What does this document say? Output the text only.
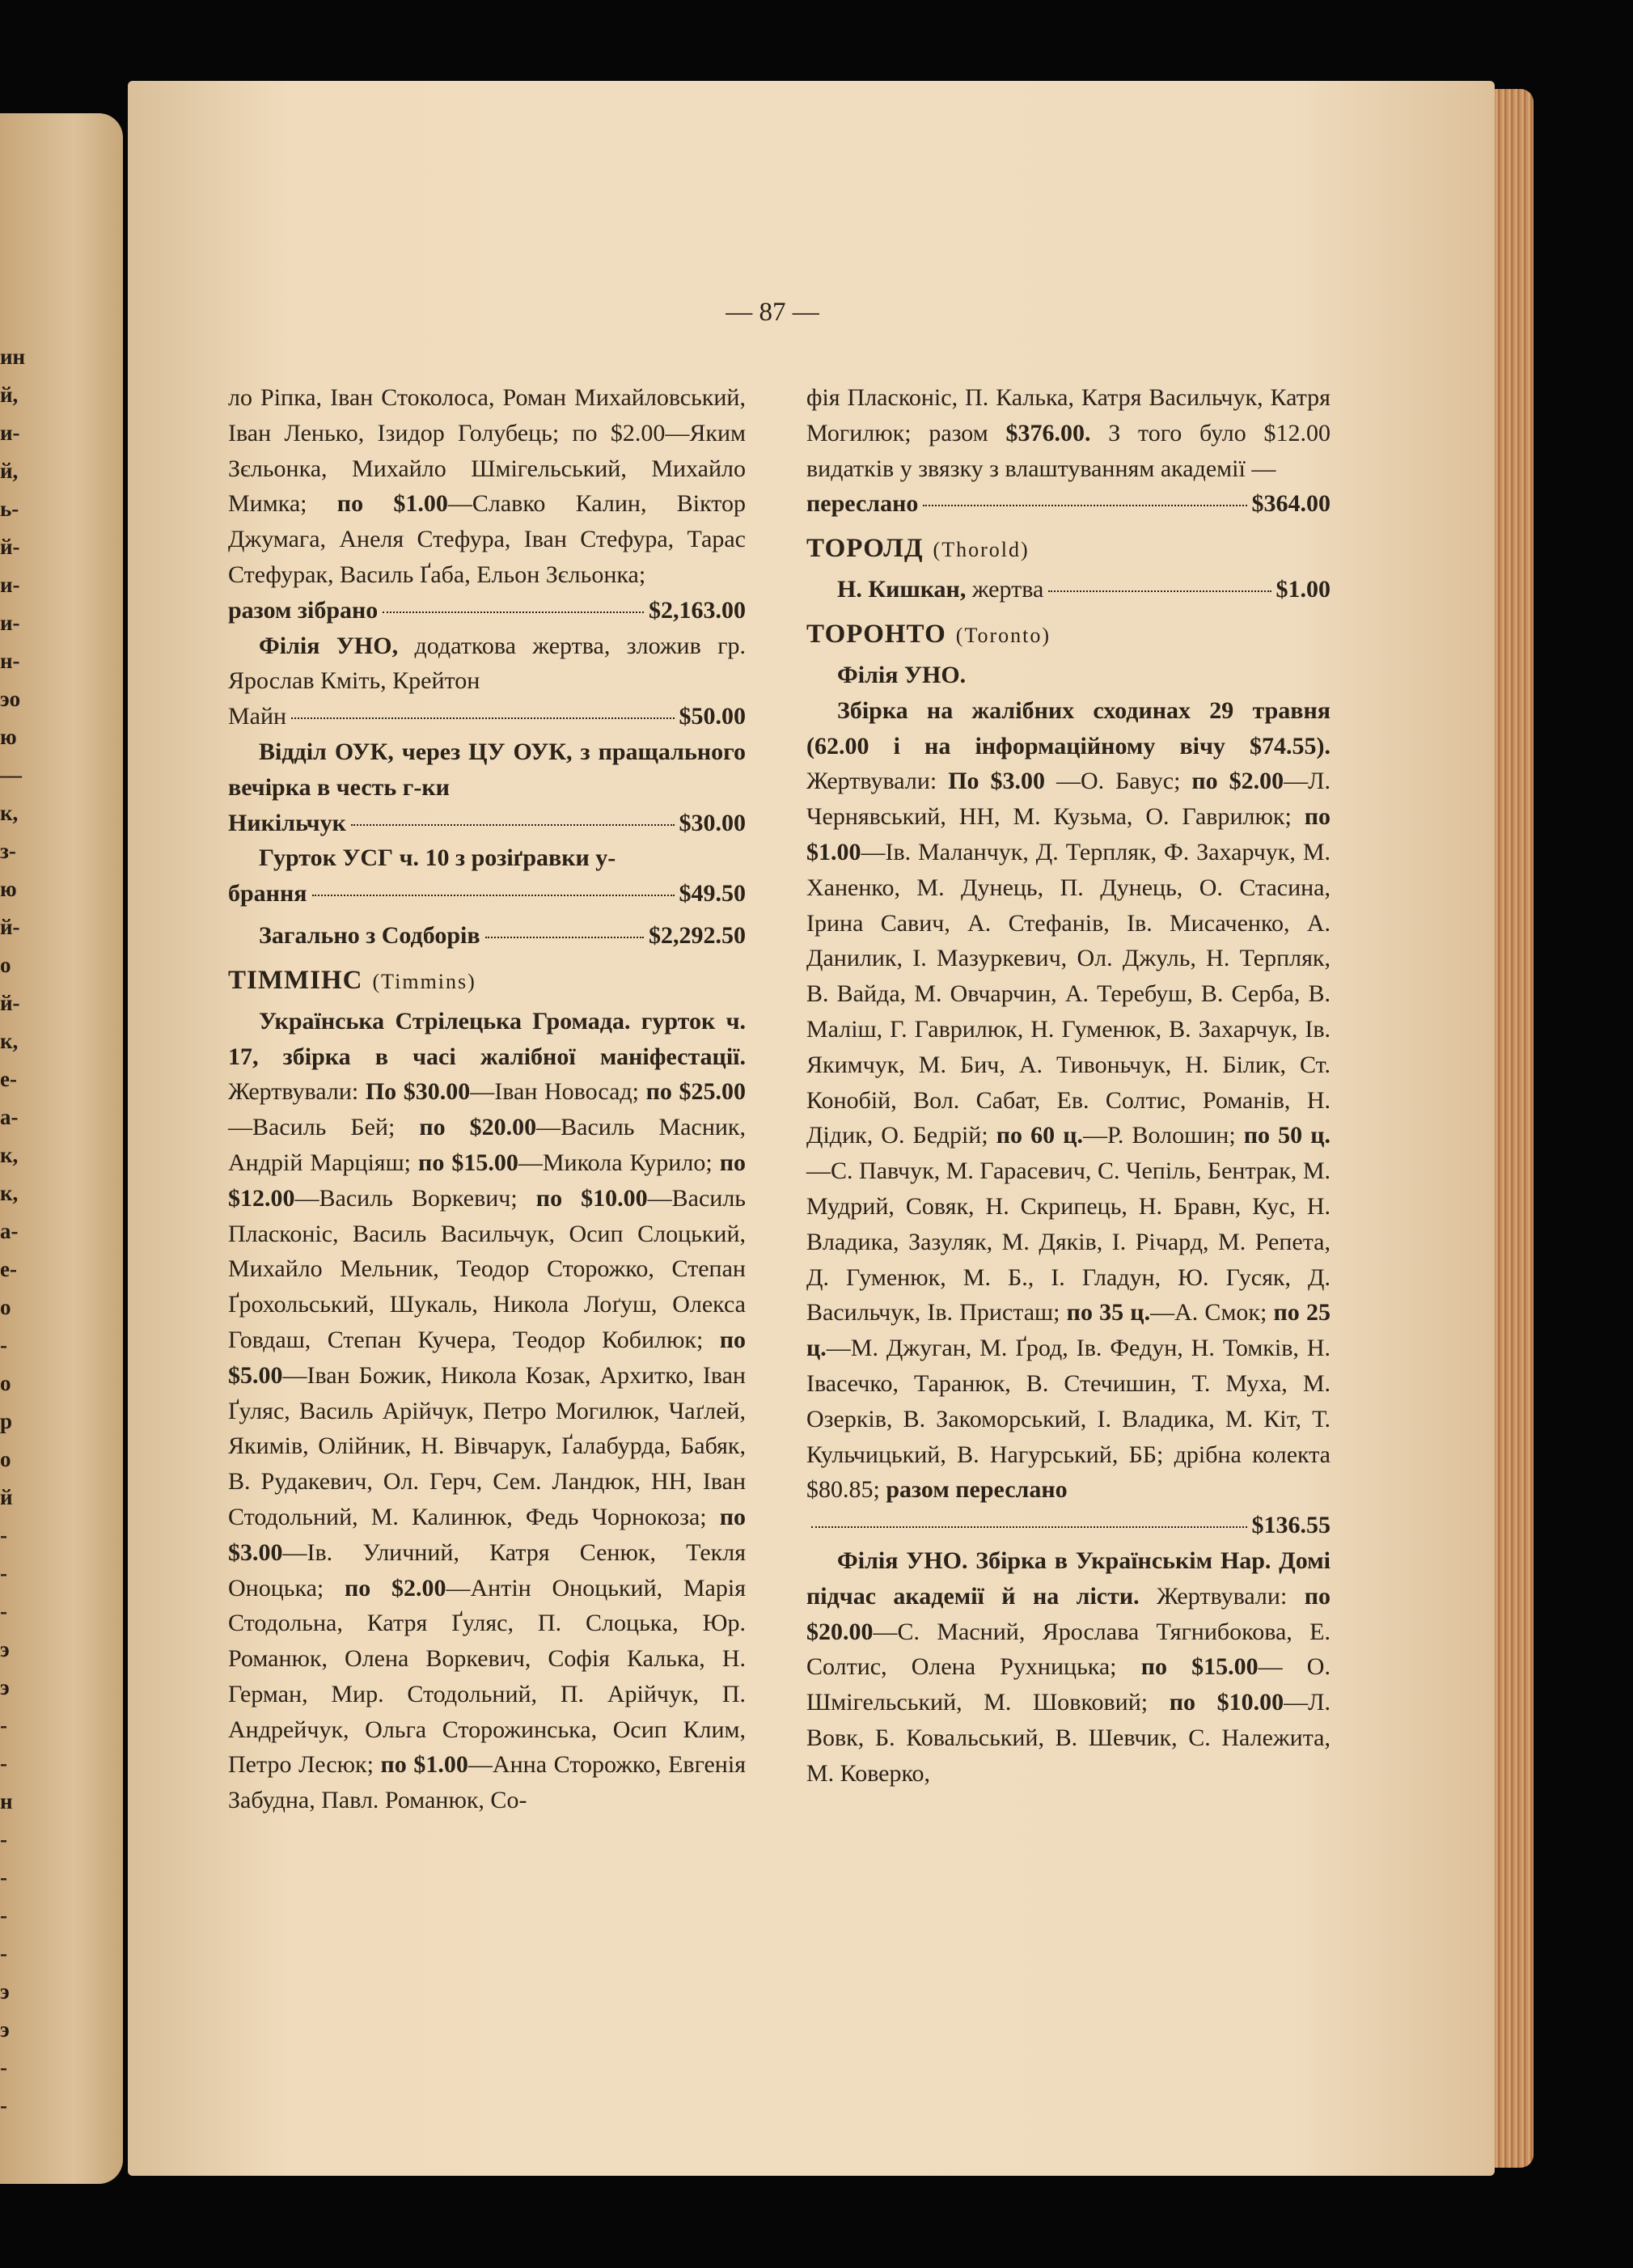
ин
й,
и-
й,
ь-
й-
и-
и-
н-
эо
ю
—
к,
з-
ю
й-
о
й-
к,
е-
а-
к,
к,
а-
е-
о
-
о
р
о
й
-
-
-
э
э
-
-
н
-
-
-
-
э
э
-
-

— 87 —

ло Ріпка, Іван Стоколоса, Роман Михайловський, Іван Ленько, Ізидор Голубець; по $2.00—Яким Зєльонка, Михайло Шмігельський, Михайло Мимка; по $1.00—Славко Калин, Віктор Джумага, Анеля Стефура, Іван Стефура, Тарас Стефурак, Василь Ґаба, Ельон Зєльонка;

разом зібрано	$2,163.00

Філія УНО, додаткова жертва, зложив гр. Ярослав Кміть, Крейтон

Майн	$50.00

Відділ ОУК, через ЦУ ОУК, з пращального вечірка в честь г-ки

Никільчук	$30.00

Гурток УСГ ч. 10 з розіґравки у-

брання	$49.50
Загально з Содборів	$2,292.50
ТІММІНС (Timmins)

Українська Стрілецька Громада. гурток ч. 17, збірка в часі жалібної маніфестації. Жертвували: По $30.00—Іван Новосад; по $25.00—Василь Бей; по $20.00—Василь Масник, Андрій Марціяш; по $15.00—Микола Курило; по $12.00—Василь Воркевич; по $10.00—Василь Пласконіс, Василь Васильчук, Осип Слоцький, Михайло Мельник, Теодор Сторожко, Степан Ґрохольський, Шукаль, Никола Лоґуш, Олекса Говдаш, Степан Кучера, Теодор Кобилюк; по $5.00—Іван Божик, Никола Козак, Архитко, Іван Ґуляс, Василь Арійчук, Петро Могилюк, Чаґлей, Якимів, Олійник, Н. Вівчарук, Ґалабурда, Бабяк, В. Рудакевич, Ол. Герч, Сем. Ландюк, НН, Іван Стодольний, М. Калинюк, Федь Чорнокоза; по $3.00—Ів. Уличний, Катря Сенюк, Текля Оноцька; по $2.00—Антін Оноцький, Марія Стодольна, Катря Ґуляс, П. Слоцька, Юр. Романюк, Олена Воркевич, Софія Калька, Н. Герман, Мир. Стодольний, П. Арійчук, П. Андрейчук, Ольга Сторожинська, Осип Клим, Петро Лесюк; по $1.00—Анна Сторожко, Евгенія Забудна, Павл. Романюк, Со-

фія Пласконіс, П. Калька, Катря Васильчук, Катря Могилюк; разом $376.00. З того було $12.00 видатків у звязку з влаштуванням академії —

переслано	$364.00
ТОРОЛД (Thorold)
Н. Кишкан, жертва	$1.00
ТОРОНТО (Toronto)

Філія УНО.

Збірка на жалібних сходинах 29 травня (62.00 і на інформаційному вічу $74.55). Жертвували: По $3.00 —О. Бавус; по $2.00—Л. Чернявський, НН, М. Кузьма, О. Гаврилюк; по $1.00—Ів. Маланчук, Д. Терпляк, Ф. Захарчук, М. Ханенко, М. Дунець, П. Дунець, О. Стасина, Ірина Савич, А. Стефанів, Ів. Мисаченко, А. Данилик, І. Мазуркевич, Ол. Джуль, Н. Терпляк, В. Вайда, М. Овчарчин, А. Теребуш, В. Серба, В. Маліш, Г. Гаврилюк, Н. Гуменюк, В. Захарчук, Ів. Якимчук, М. Бич, А. Тивоньчук, Н. Білик, Ст. Конобій, Вол. Сабат, Ев. Солтис, Романів, Н. Дідик, О. Бедрій; по 60 ц.—Р. Волошин; по 50 ц.—С. Павчук, М. Гарасевич, С. Чепіль, Бентрак, М. Мудрий, Совяк, Н. Скрипець, Н. Бравн, Кус, Н. Владика, Зазуляк, М. Дяків, І. Річард, М. Репета, Д. Гуменюк, М. Б., І. Гладун, Ю. Гусяк, Д. Васильчук, Ів. Присташ; по 35 ц.—А. Смок; по 25 ц.—М. Джуган, М. Ґрод, Ів. Федун, Н. Томків, Н. Івасечко, Таранюк, В. Стечишин, Т. Муха, М. Озерків, В. Закоморський, І. Владика, М. Кіт, Т. Кульчицький, В. Нагурський, ББ; дрібна колекта $80.85; разом переслано

$136.55

Філія УНО. Збірка в Українськім Нар. Домі підчас академії й на лісти. Жертвували: по $20.00—С. Масний, Ярослава Тягнибокова, Е. Солтис, Олена Рухницька; по $15.00— О. Шмігельський, М. Шовковий; по $10.00—Л. Вовк, Б. Ковальський, В. Шевчик, С. Належита, М. Коверко,
